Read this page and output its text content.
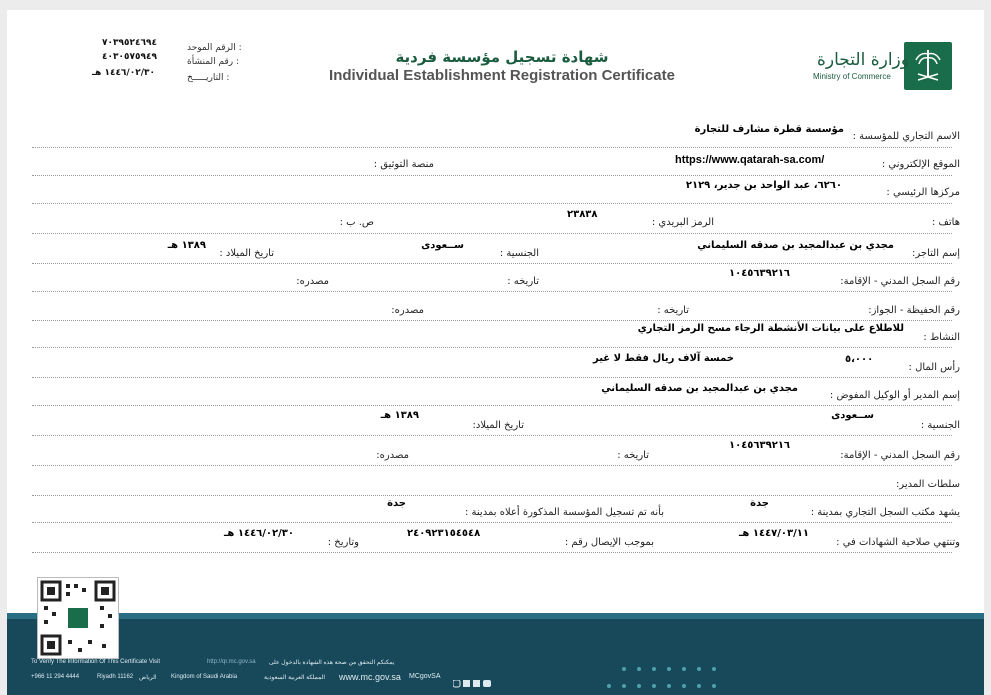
٧٠٣٩٥٢٤٦٩٤	الرقم الموحد :
٤٠٣٠٥٧٥٩٤٩	رقم المنشأة :
١٤٤٦/٠٢/٣٠ هـ	التاريـــــخ :
شهادة تسجيل مؤسسة فردية
Individual Establishment Registration Certificate
وزارة التجارة
Ministry of Commerce
الاسم التجاري للمؤسسة :
مؤسسة قطرة مشارف للتجارة
الموقع الإلكتروني :
https://www.qatarah-sa.com/
منصة التوثيق :
مركزها الرئيسي :
٦٢٦٠، عبد الواحد بن جدير، ٢١٢٩
هاتف :
الرمز البريدي :
٢٣٨٣٨
ص. ب :
إسم التاجر:
مجدي بن عبدالمجيد بن صدقه السليماني
الجنسية :
ســعودى
تاريخ الميلاد :
١٣٨٩ هـ
رقم السجل المدني - الإقامة:
١٠٤٥٦٣٩٢١٦
تاريخه :
مصدره:
رقم الحفيظة - الجواز:
تاريخه :
مصدره:
النشاط :
للاطلاع على بيانات الأنشطة الرجاء مسح الرمز التجاري
رأس المال :
٥،٠٠٠
خمسة آلاف ريال فقط لا غير
إسم المدير أو الوكيل المفوض :
مجدي بن عبدالمجيد بن صدقه السليماني
الجنسية :
ســعودى
تاريخ الميلاد:
١٣٨٩ هـ
رقم السجل المدني - الإقامة:
١٠٤٥٦٣٩٢١٦
تاريخه :
مصدره:
سلطات المدير:
يشهد مكتب السجل التجاري بمدينة :
جدة
بأنه تم تسجيل المؤسسة المذكورة أعلاه بمدينة :
جدة
وتنتهي صلاحية الشهادات في :
١٤٤٧/٠٣/١١ هـ
بموجب الإيصال رقم :
٢٤٠٩٢٣١٥٤٥٤٨
وتاريخ :
١٤٤٦/٠٢/٣٠ هـ
To Verify The Information Of This Certificate Visit	http://qr.mc.gov.sa يمكنكم التحقق من صحة هذه الشهادة بالدخول على
+966 11 294 4444	Riyadh 11162 الرياض Kingdom of Saudi Arabia	المملكة العربية السعودية www.mc.gov.sa MCgovSA
